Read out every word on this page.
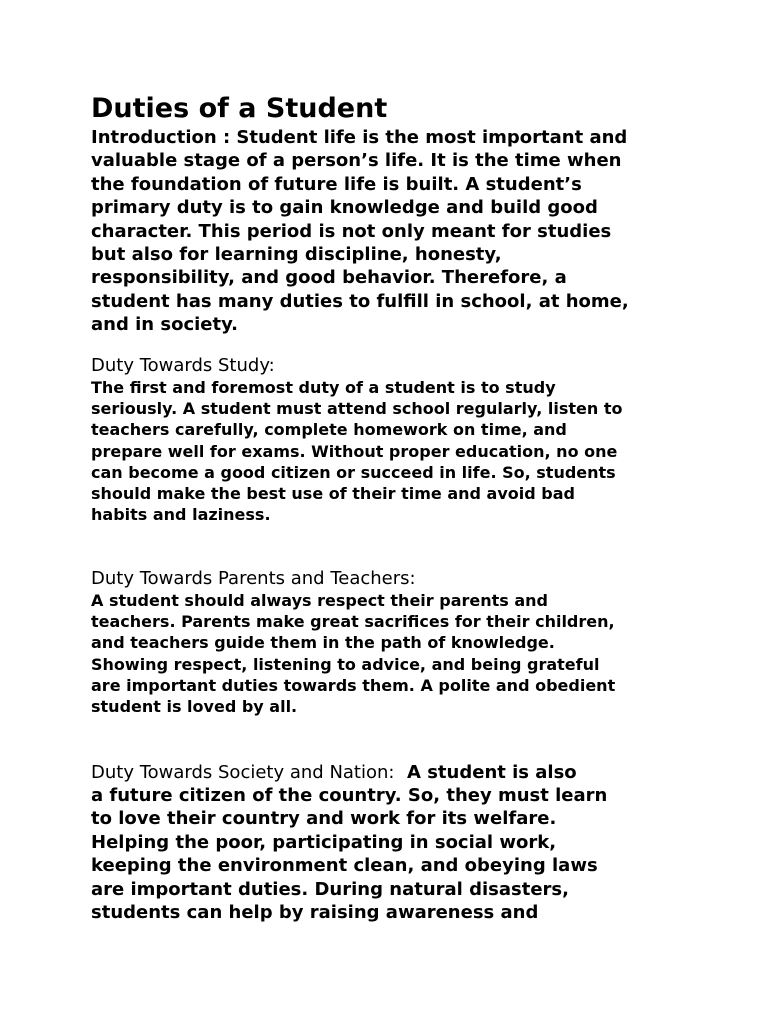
Duties of a Student

Introduction : Student life is the most important and
valuable stage of a person’s life. It is the time when
the foundation of future life is built. A student’s
primary duty is to gain knowledge and build good
character. This period is not only meant for studies
but also for learning discipline, honesty,
responsibility, and good behavior. Therefore, a
student has many duties to fulfill in school, at home,
and in society.

Duty Towards Study:

The first and foremost duty of a student is to study
seriously. A student must attend school regularly, listen to
teachers carefully, complete homework on time, and
prepare well for exams. Without proper education, no one
can become a good citizen or succeed in life. So, students
should make the best use of their time and avoid bad
habits and laziness.

Duty Towards Parents and Teachers:

A student should always respect their parents and
teachers. Parents make great sacrifices for their children,
and teachers guide them in the path of knowledge.
Showing respect, listening to advice, and being grateful
are important duties towards them. A polite and obedient
student is loved by all.

Duty Towards Society and Nation:  A student is also
a future citizen of the country. So, they must learn
to love their country and work for its welfare.
Helping the poor, participating in social work,
keeping the environment clean, and obeying laws
are important duties. During natural disasters,
students can help by raising awareness and
